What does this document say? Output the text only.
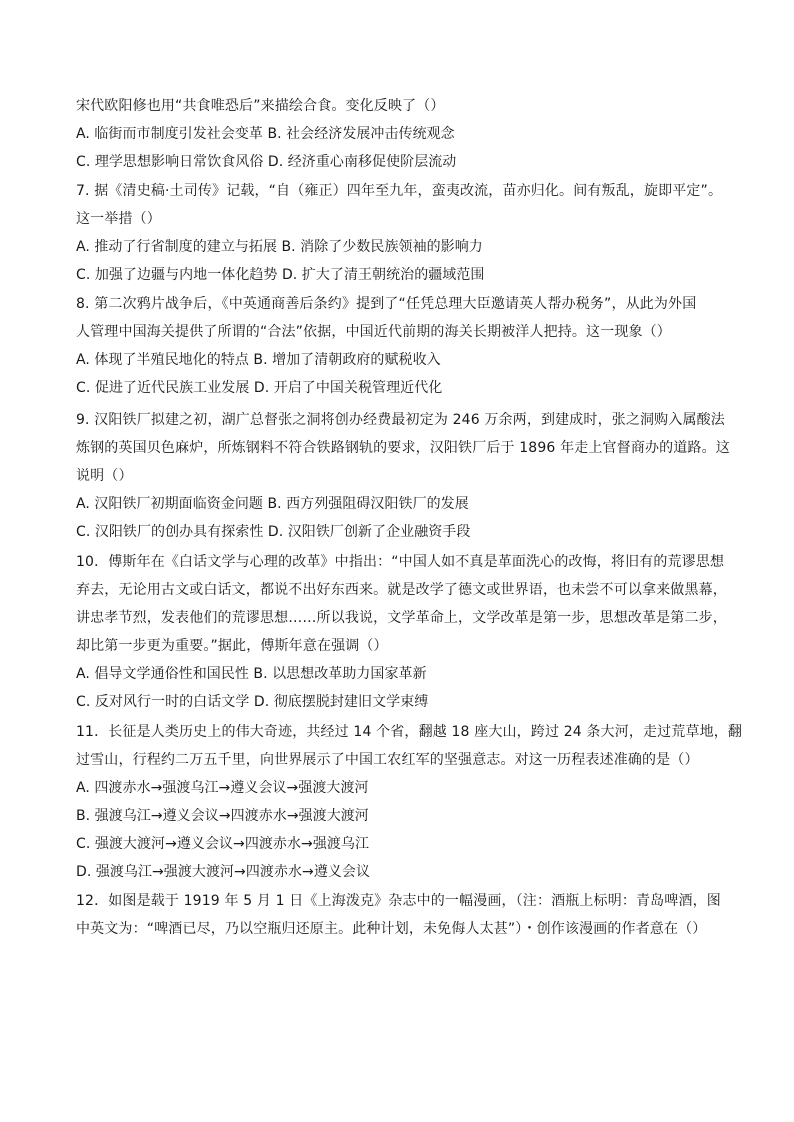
宋代欧阳修也用“共食唯恐后”来描绘合食。变化反映了（）
A. 临街而市制度引发社会变革 B. 社会经济发展冲击传统观念
C. 理学思想影响日常饮食风俗 D. 经济重心南移促使阶层流动
7. 据《清史稿·土司传》记载，“自（雍正）四年至九年，蛮夷改流，苗亦归化。间有叛乱，旋即平定”。
这一举措（）
A. 推动了行省制度的建立与拓展 B. 消除了少数民族领袖的影响力
C. 加强了边疆与内地一体化趋势 D. 扩大了清王朝统治的疆域范围
8. 第二次鸦片战争后，《中英通商善后条约》提到了“任凭总理大臣邀请英人帮办税务”，从此为外国
人管理中国海关提供了所谓的“合法”依据，中国近代前期的海关长期被洋人把持。这一现象（）
A. 体现了半殖民地化的特点 B. 增加了清朝政府的赋税收入
C. 促进了近代民族工业发展 D. 开启了中国关税管理近代化
9. 汉阳铁厂拟建之初，湖广总督张之洞将创办经费最初定为 246 万余两，到建成时，张之洞购入属酸法
炼钢的英国贝色麻炉，所炼钢料不符合铁路钢轨的要求，汉阳铁厂后于 1896 年走上官督商办的道路。这
说明（）
A. 汉阳铁厂初期面临资金问题 B. 西方列强阻碍汉阳铁厂的发展
C. 汉阳铁厂的创办具有探索性 D. 汉阳铁厂创新了企业融资手段
10．傅斯年在《白话文学与心理的改革》中指出：“中国人如不真是革面洗心的改悔，将旧有的荒谬思想
弃去，无论用古文或白话文，都说不出好东西来。就是改学了德文或世界语，也未尝不可以拿来做黑幕，
讲忠孝节烈，发表他们的荒谬思想……所以我说，文学革命上，文学改革是第一步，思想改革是第二步，
却比第一步更为重要。”据此，傅斯年意在强调（）
A. 倡导文学通俗性和国民性 B. 以思想改革助力国家革新
C. 反对风行一时的白话文学 D. 彻底摆脱封建旧文学束缚
11．长征是人类历史上的伟大奇迹，共经过 14 个省，翻越 18 座大山，跨过 24 条大河，走过荒草地，翻
过雪山，行程约二万五千里，向世界展示了中国工农红军的坚强意志。对这一历程表述准确的是（）
A. 四渡赤水→强渡乌江→遵义会议→强渡大渡河
B. 强渡乌江→遵义会议→四渡赤水→强渡大渡河
C. 强渡大渡河→遵义会议→四渡赤水→强渡乌江
D. 强渡乌江→强渡大渡河→四渡赤水→遵义会议
12．如图是载于 1919 年 5 月 1 日《上海泼克》杂志中的一幅漫画，（注：酒瓶上标明：青岛啤酒，图
中英文为：“啤酒已尽，乃以空瓶归还原主。此种计划，未免侮人太甚”）・创作该漫画的作者意在（）
